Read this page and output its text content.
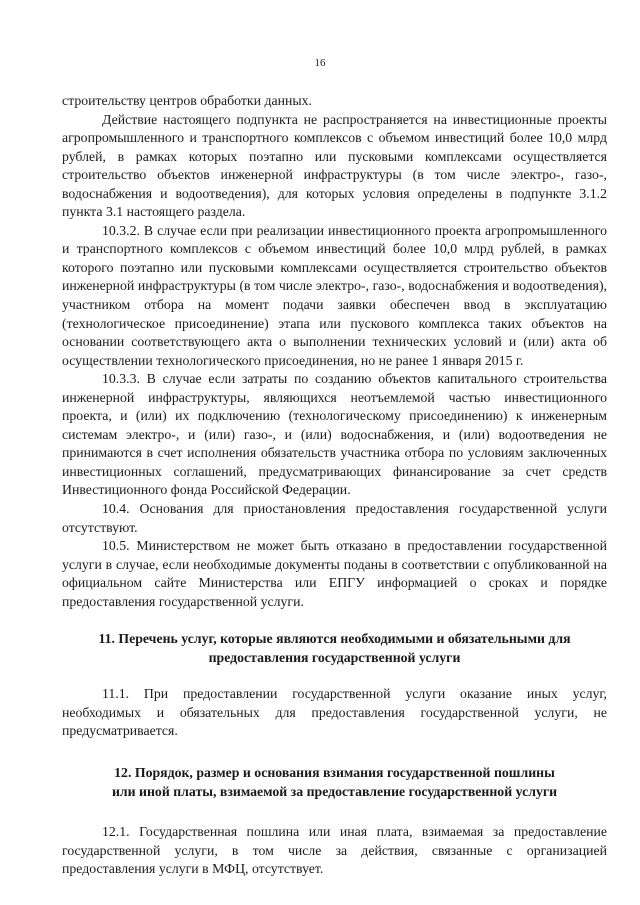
16

строительству центров обработки данных.

Действие настоящего подпункта не распространяется на инвестиционные проекты агропромышленного и транспортного комплексов с объемом инвестиций более 10,0 млрд рублей, в рамках которых поэтапно или пусковыми комплексами осуществляется строительство объектов инженерной инфраструктуры (в том числе электро-, газо-, водоснабжения и водоотведения), для которых условия определены в подпункте 3.1.2 пункта 3.1 настоящего раздела.

10.3.2. В случае если при реализации инвестиционного проекта агропромышленного и транспортного комплексов с объемом инвестиций более 10,0 млрд рублей, в рамках которого поэтапно или пусковыми комплексами осуществляется строительство объектов инженерной инфраструктуры (в том числе электро-, газо-, водоснабжения и водоотведения), участником отбора на момент подачи заявки обеспечен ввод в эксплуатацию (технологическое присоединение) этапа или пускового комплекса таких объектов на основании соответствующего акта о выполнении технических условий и (или) акта об осуществлении технологического присоединения, но не ранее 1 января 2015 г.

10.3.3. В случае если затраты по созданию объектов капитального строительства инженерной инфраструктуры, являющихся неотъемлемой частью инвестиционного проекта, и (или) их подключению (технологическому присоединению) к инженерным системам электро-, и (или) газо-, и (или) водоснабжения, и (или) водоотведения не принимаются в счет исполнения обязательств участника отбора по условиям заключенных инвестиционных соглашений, предусматривающих финансирование за счет средств Инвестиционного фонда Российской Федерации.

10.4. Основания для приостановления предоставления государственной услуги отсутствуют.

10.5. Министерством не может быть отказано в предоставлении государственной услуги в случае, если необходимые документы поданы в соответствии с опубликованной на официальном сайте Министерства или ЕПГУ информацией о сроках и порядке предоставления государственной услуги.

11. Перечень услуг, которые являются необходимыми и обязательными для
предоставления государственной услуги

11.1. При предоставлении государственной услуги оказание иных услуг, необходимых и обязательных для предоставления государственной услуги, не предусматривается.

12. Порядок, размер и основания взимания государственной пошлины
или иной платы, взимаемой за предоставление государственной услуги

12.1. Государственная пошлина или иная плата, взимаемая за предоставление государственной услуги, в том числе за действия, связанные с организацией предоставления услуги в МФЦ, отсутствует.
